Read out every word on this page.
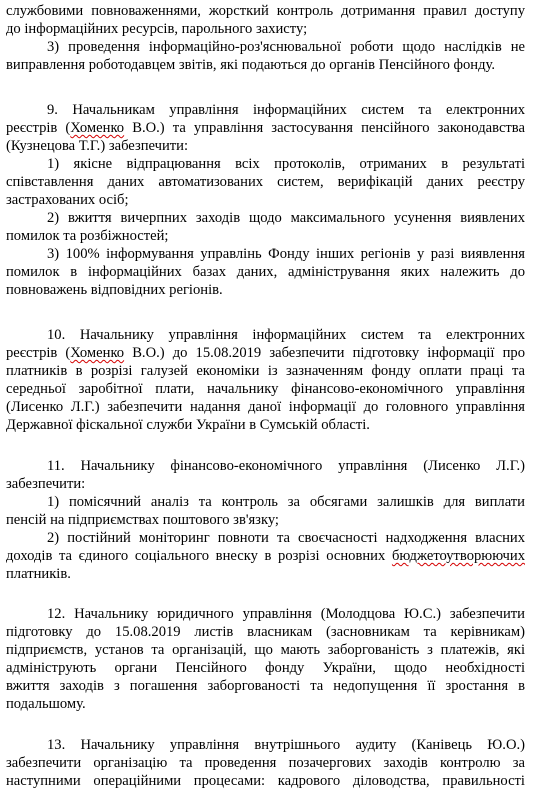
службовими повноваженнями, жорсткий контроль дотримання правил доступу
до інформаційних ресурсів, парольного захисту;
3) проведення інформаційно-роз'яснювальної роботи щодо наслідків не
виправлення роботодавцем звітів, які подаються до органів Пенсійного фонду.
9. Начальникам управління інформаційних систем та електронних
реєстрів (Хоменко В.О.) та управління застосування пенсійного законодавства
(Кузнецова Т.Г.) забезпечити:
1) якісне відпрацювання всіх протоколів, отриманих в результаті
співставлення даних автоматизованих систем, верифікацій даних реєстру
застрахованих осіб;
2) вжиття вичерпних заходів щодо максимального усунення виявлених
помилок та розбіжностей;
3) 100% інформування управлінь Фонду інших регіонів у разі виявлення
помилок в інформаційних базах даних, адміністрування яких належить до
повноважень відповідних регіонів.
10. Начальнику управління інформаційних систем та електронних
реєстрів (Хоменко В.О.) до 15.08.2019 забезпечити підготовку інформації про
платників в розрізі галузей економіки із зазначенням фонду оплати праці та
середньої заробітної плати, начальнику фінансово-економічного управління
(Лисенко Л.Г.) забезпечити надання даної інформації до головного управління
Державної фіскальної служби України в Сумській області.
11. Начальнику фінансово-економічного управління (Лисенко Л.Г.)
забезпечити:
1) помісячний аналіз та контроль за обсягами залишків для виплати
пенсій на підприємствах поштового зв'язку;
2) постійний моніторинг повноти та своєчасності надходження власних
доходів та єдиного соціального внеску в розрізі основних бюджетоутворюючих
платників.
12. Начальнику юридичного управління (Молодцова Ю.С.) забезпечити
підготовку до 15.08.2019 листів власникам (засновникам та керівникам)
підприємств, установ та організацій, що мають заборгованість з платежів, які
адмініструють органи Пенсійного фонду України, щодо необхідності
вжиття заходів з погашення заборгованості та недопущення її зростання в
подальшому.
13. Начальнику управління внутрішнього аудиту (Канівець Ю.О.)
забезпечити організацію та проведення позачергових заходів контролю за
наступними операційними процесами: кадрового діловодства, правильності
